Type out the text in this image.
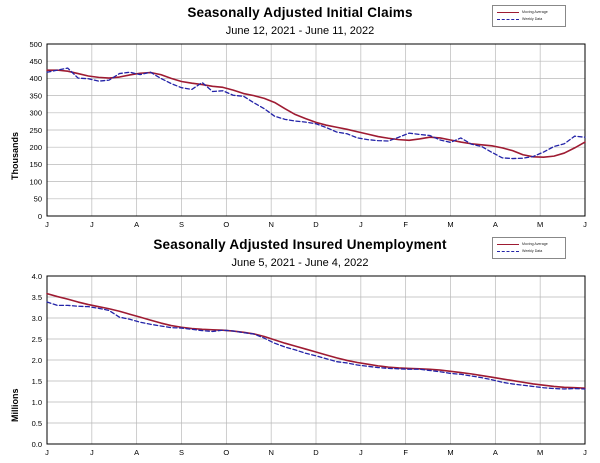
Seasonally Adjusted Initial Claims
June 12, 2021 - June 11, 2022
Moving Average
Weekly Data
Thousands
0
50
100
150
200
250
300
350
400
450
500
J	J	A	S	O	N	D	J	F	M	A	M	J
Seasonally Adjusted Insured Unemployment
June 5, 2021 - June 4, 2022
Moving Average
Weekly Data
Millions
0.0
0.5
1.0
1.5
2.0
2.5
3.0
3.5
4.0
J	J	A	S	O	N	D	J	F	M	A	M	J
